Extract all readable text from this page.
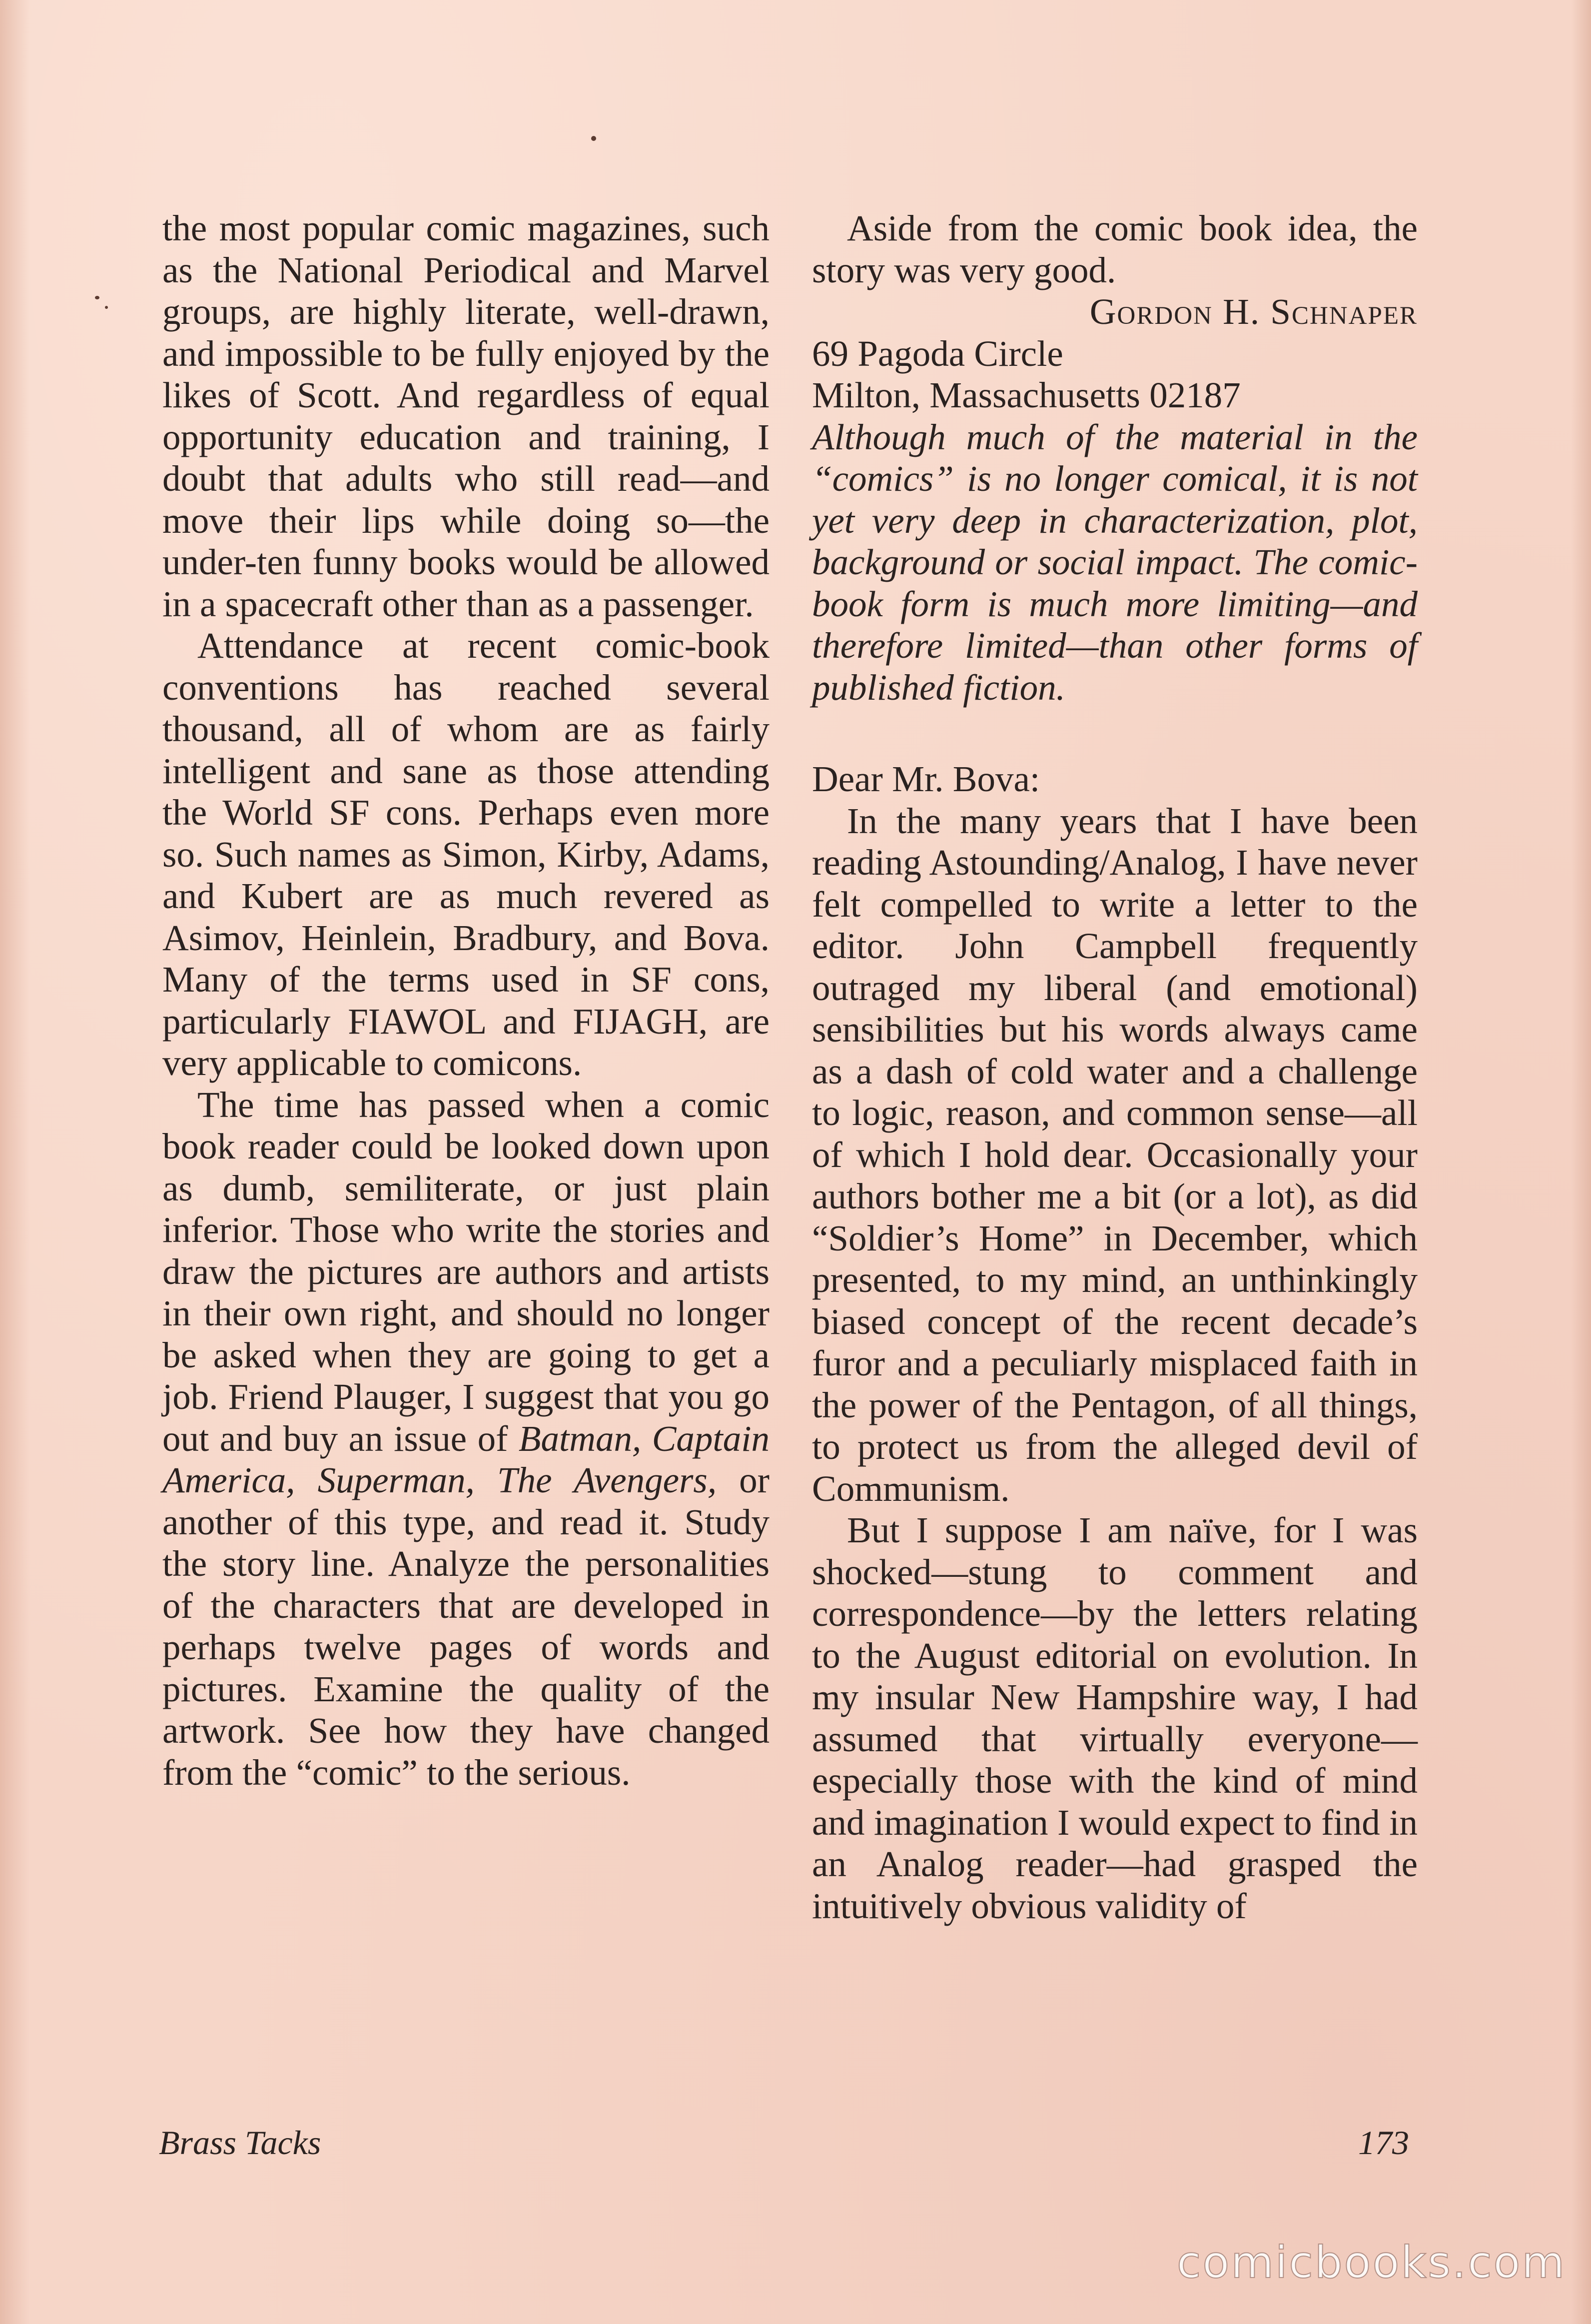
the most popular comic magazines, such as the National Periodical and Marvel groups, are highly literate, well-drawn, and impossible to be fully enjoyed by the likes of Scott. And regardless of equal opportunity education and training, I doubt that adults who still read—and move their lips while doing so—the under-ten funny books would be allowed in a spacecraft other than as a passenger.

Attendance at recent comic-book conventions has reached several thousand, all of whom are as fairly intelligent and sane as those attending the World SF cons. Perhaps even more so. Such names as Simon, Kirby, Adams, and Kubert are as much revered as Asimov, Heinlein, Bradbury, and Bova. Many of the terms used in SF cons, particularly FIAWOL and FIJAGH, are very applicable to comicons.

The time has passed when a comic book reader could be looked down upon as dumb, semiliterate, or just plain inferior. Those who write the stories and draw the pictures are authors and artists in their own right, and should no longer be asked when they are going to get a job. Friend Plauger, I suggest that you go out and buy an issue of Batman, Captain America, Superman, The Avengers, or another of this type, and read it. Study the story line. Analyze the personalities of the characters that are developed in perhaps twelve pages of words and pictures. Examine the quality of the artwork. See how they have changed from the “comic” to the serious.

Aside from the comic book idea, the story was very good.

Gordon H. Schnaper

69 Pagoda Circle

Milton, Massachusetts 02187

Although much of the material in the “comics” is no longer comical, it is not yet very deep in characterization, plot, background or social impact. The comic-book form is much more limiting—and therefore limited—than other forms of published fiction.

Dear Mr. Bova:

In the many years that I have been reading Astounding/Analog, I have never felt compelled to write a letter to the editor. John Campbell frequently outraged my liberal (and emotional) sensibilities but his words always came as a dash of cold water and a challenge to logic, reason, and common sense—all of which I hold dear. Occasionally your authors bother me a bit (or a lot), as did “Soldier’s Home” in December, which presented, to my mind, an unthinkingly biased concept of the recent decade’s furor and a peculiarly misplaced faith in the power of the Pentagon, of all things, to protect us from the alleged devil of Communism.

But I suppose I am naïve, for I was shocked—stung to comment and correspondence—by the letters relating to the August editorial on evolution. In my insular New Hampshire way, I had assumed that virtually everyone—especially those with the kind of mind and imagination I would expect to find in an Analog reader—had grasped the intuitively obvious validity of

Brass Tacks	173
comicbooks.com
